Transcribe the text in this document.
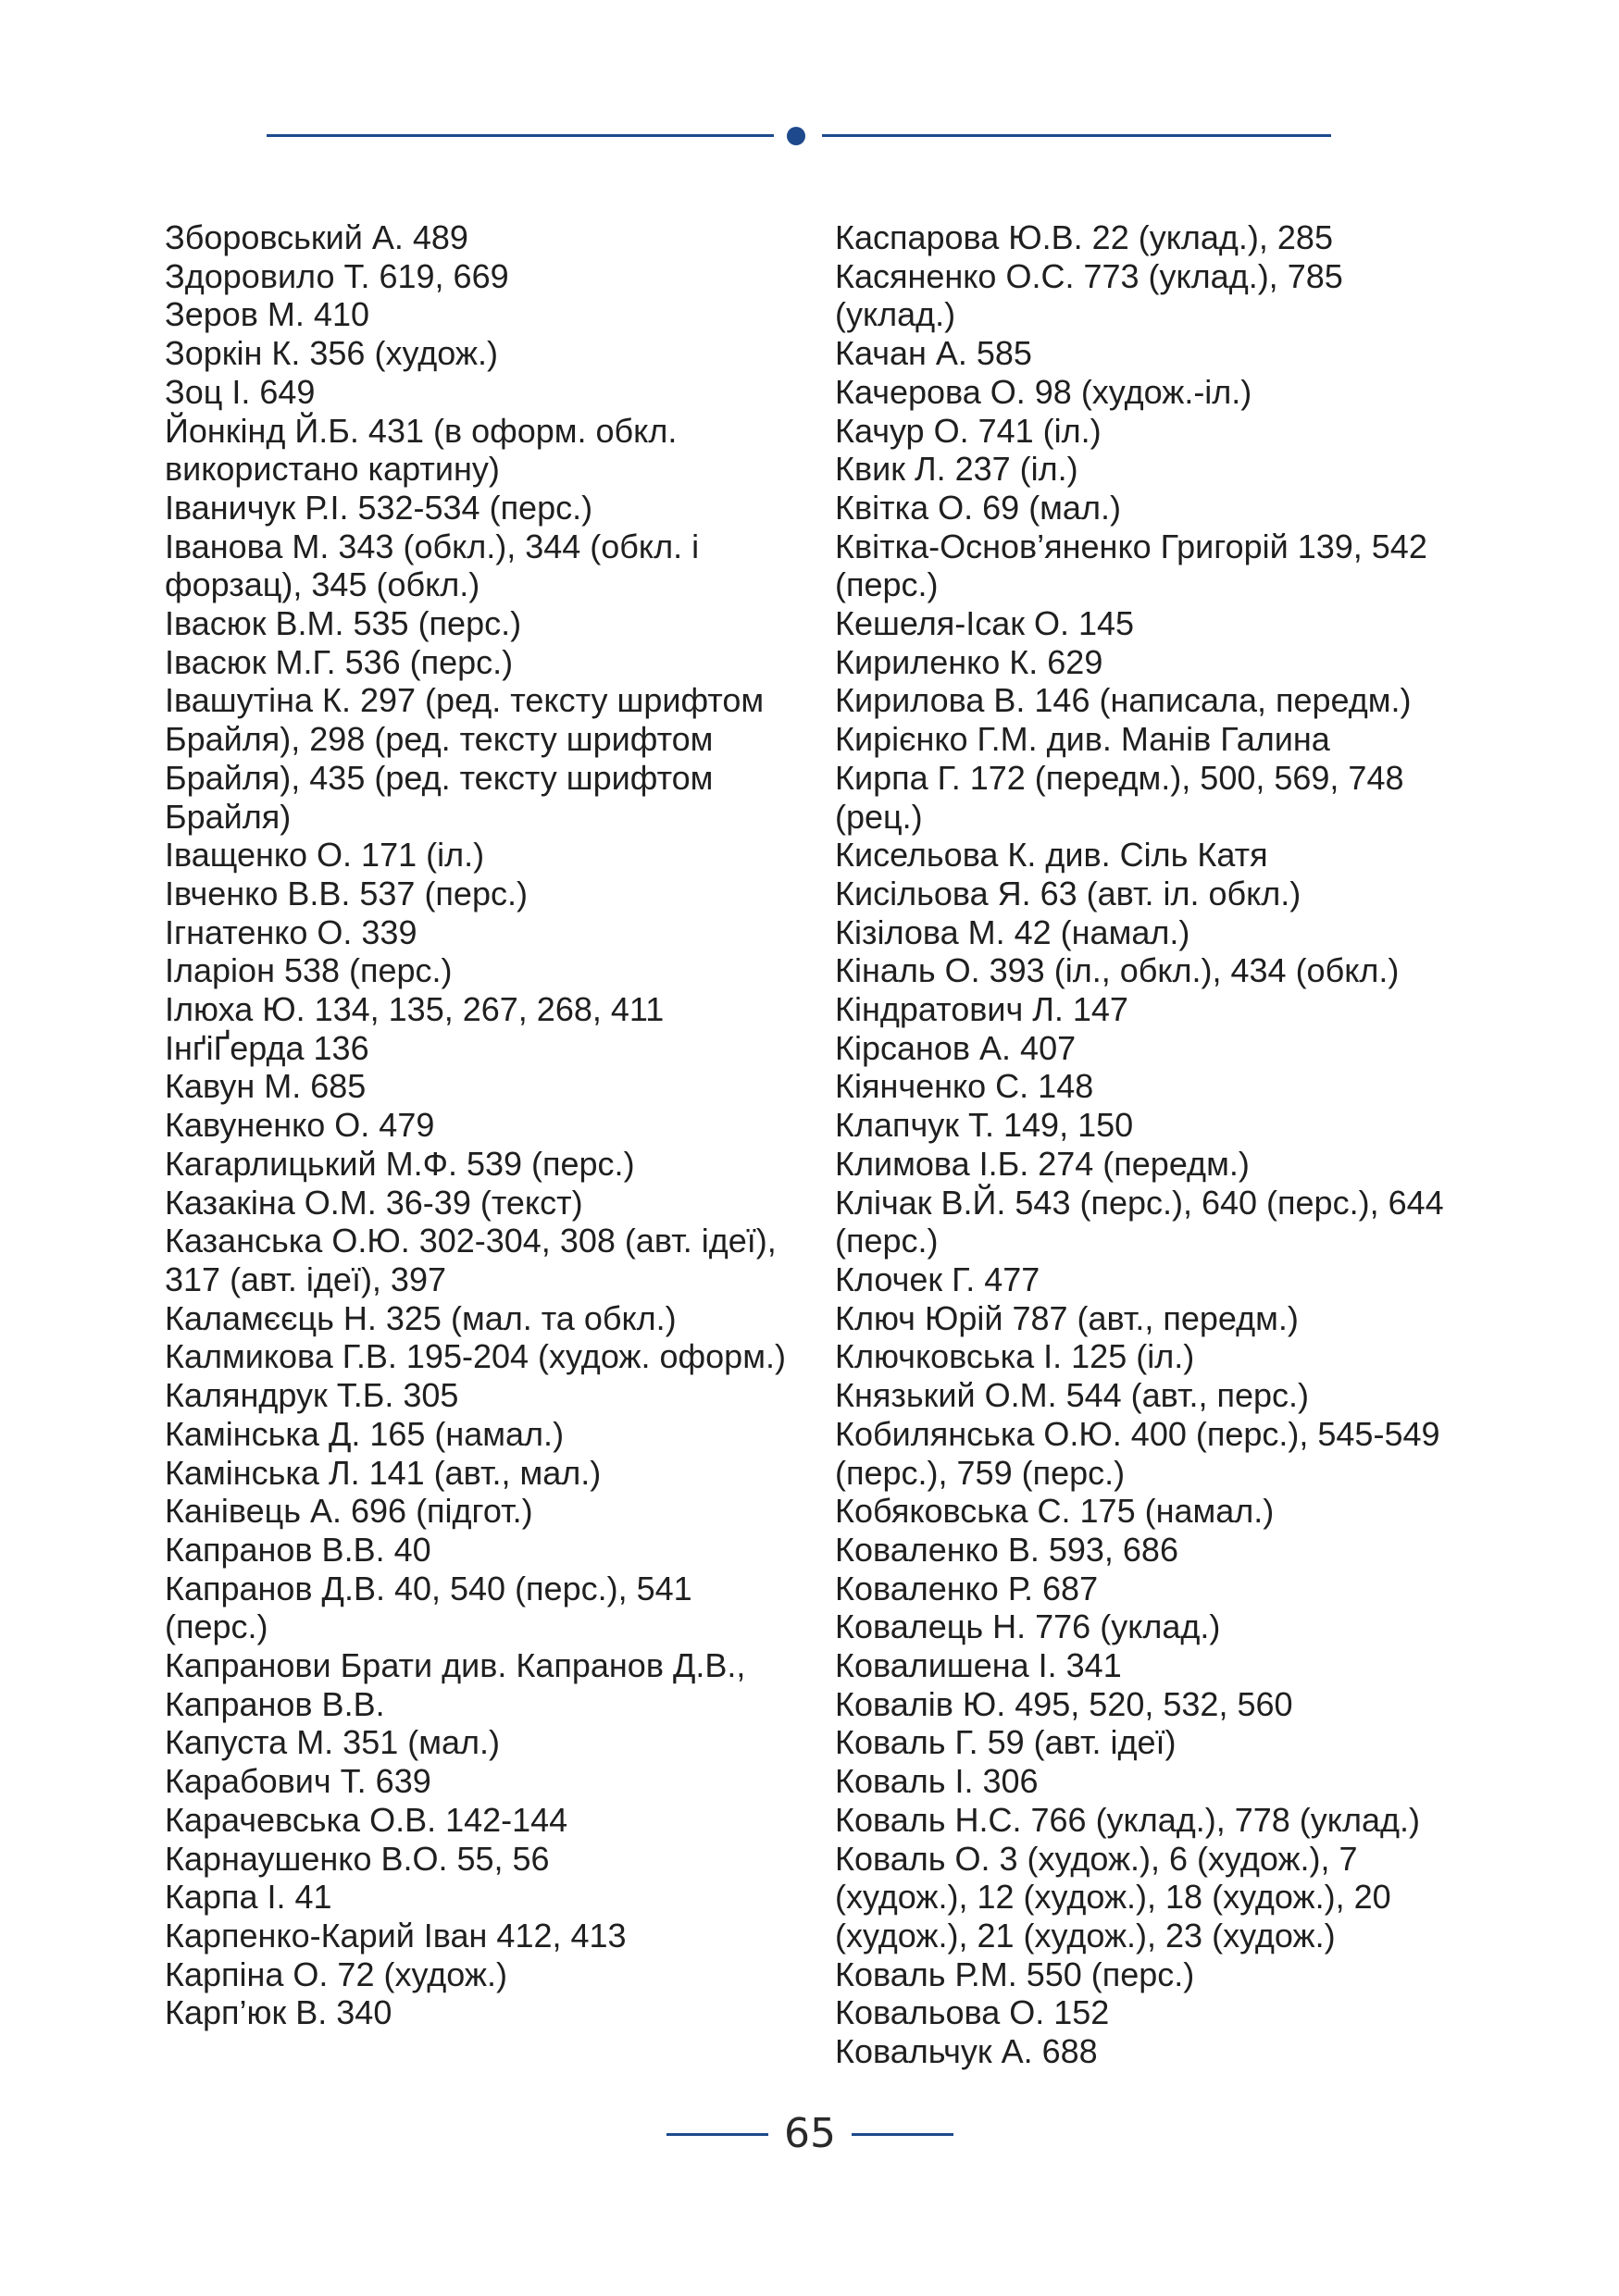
Зборовський А. 489

Здоровило Т. 619, 669

Зеров М. 410

Зоркін К. 356 (худож.)

Зоц І. 649

Йонкінд Й.Б. 431 (в оформ. обкл. використано картину)

Іваничук Р.І. 532-534 (перс.)

Іванова М. 343 (обкл.), 344 (обкл. і форзац), 345 (обкл.)

Івасюк В.М. 535 (перс.)

Івасюк М.Г. 536 (перс.)

Івашутіна К. 297 (ред. тексту шрифтом Брайля), 298 (ред. тексту шрифтом Брайля), 435 (ред. тексту шрифтом Брайля)

Іващенко О. 171 (іл.)

Івченко В.В. 537 (перс.)

Ігнатенко О. 339

Іларіон 538 (перс.)

Ілюха Ю. 134, 135, 267, 268, 411

ІнґіҐерда 136

Кавун М. 685

Кавуненко О. 479

Кагарлицький М.Ф. 539 (перс.)

Казакіна О.М. 36-39 (текст)

Казанська О.Ю. 302-304, 308 (авт. ідеї), 317 (авт. ідеї), 397

Каламєєць Н. 325 (мал. та обкл.)

Калмикова Г.В. 195-204 (худож. оформ.)

Каляндрук Т.Б. 305

Камінська Д. 165 (намал.)

Камінська Л. 141 (авт., мал.)

Канівець А. 696 (підгот.)

Капранов В.В. 40

Капранов Д.В. 40, 540 (перс.), 541 (перс.)

Капранови Брати див. Капранов Д.В., Капранов В.В.

Капуста М. 351 (мал.)

Карабович Т. 639

Карачевська О.В. 142-144

Карнаушенко В.О. 55, 56

Карпа І. 41

Карпенко-Карий Іван 412, 413

Карпіна О. 72 (худож.)

Карп’юк В. 340

Каспарова Ю.В. 22 (уклад.), 285

Касяненко О.С. 773 (уклад.), 785 (уклад.)

Качан А. 585

Качерова О. 98 (худож.-іл.)

Качур О. 741 (іл.)

Квик Л. 237 (іл.)

Квітка О. 69 (мал.)

Квітка-Основ’яненко Григорій 139, 542 (перс.)

Кешеля-Ісак О. 145

Кириленко К. 629

Кирилова В. 146 (написала, передм.)

Кирієнко Г.М. див. Манів Галина

Кирпа Г. 172 (передм.), 500, 569, 748 (рец.)

Кисельова К. див. Сіль Катя

Кисільова Я. 63 (авт. іл. обкл.)

Кізілова М. 42 (намал.)

Кіналь О. 393 (іл., обкл.), 434 (обкл.)

Кіндратович Л. 147

Кірсанов А. 407

Кіянченко С. 148

Клапчук Т. 149, 150

Климова І.Б. 274 (передм.)

Клічак В.Й. 543 (перс.), 640 (перс.), 644 (перс.)

Клочек Г. 477

Ключ Юрій 787 (авт., передм.)

Ключковська І. 125 (іл.)

Князький О.М. 544 (авт., перс.)

Кобилянська О.Ю. 400 (перс.), 545-549 (перс.), 759 (перс.)

Кобяковська С. 175 (намал.)

Коваленко В. 593, 686

Коваленко Р. 687

Ковалець Н. 776 (уклад.)

Ковалишена І. 341

Ковалів Ю. 495, 520, 532, 560

Коваль Г. 59 (авт. ідеї)

Коваль І. 306

Коваль Н.С. 766 (уклад.), 778 (уклад.)

Коваль О. 3 (худож.), 6 (худож.), 7 (худож.), 12 (худож.), 18 (худож.), 20 (худож.), 21 (худож.), 23 (худож.)

Коваль Р.М. 550 (перс.)

Ковальова О. 152

Ковальчук А. 688

65
